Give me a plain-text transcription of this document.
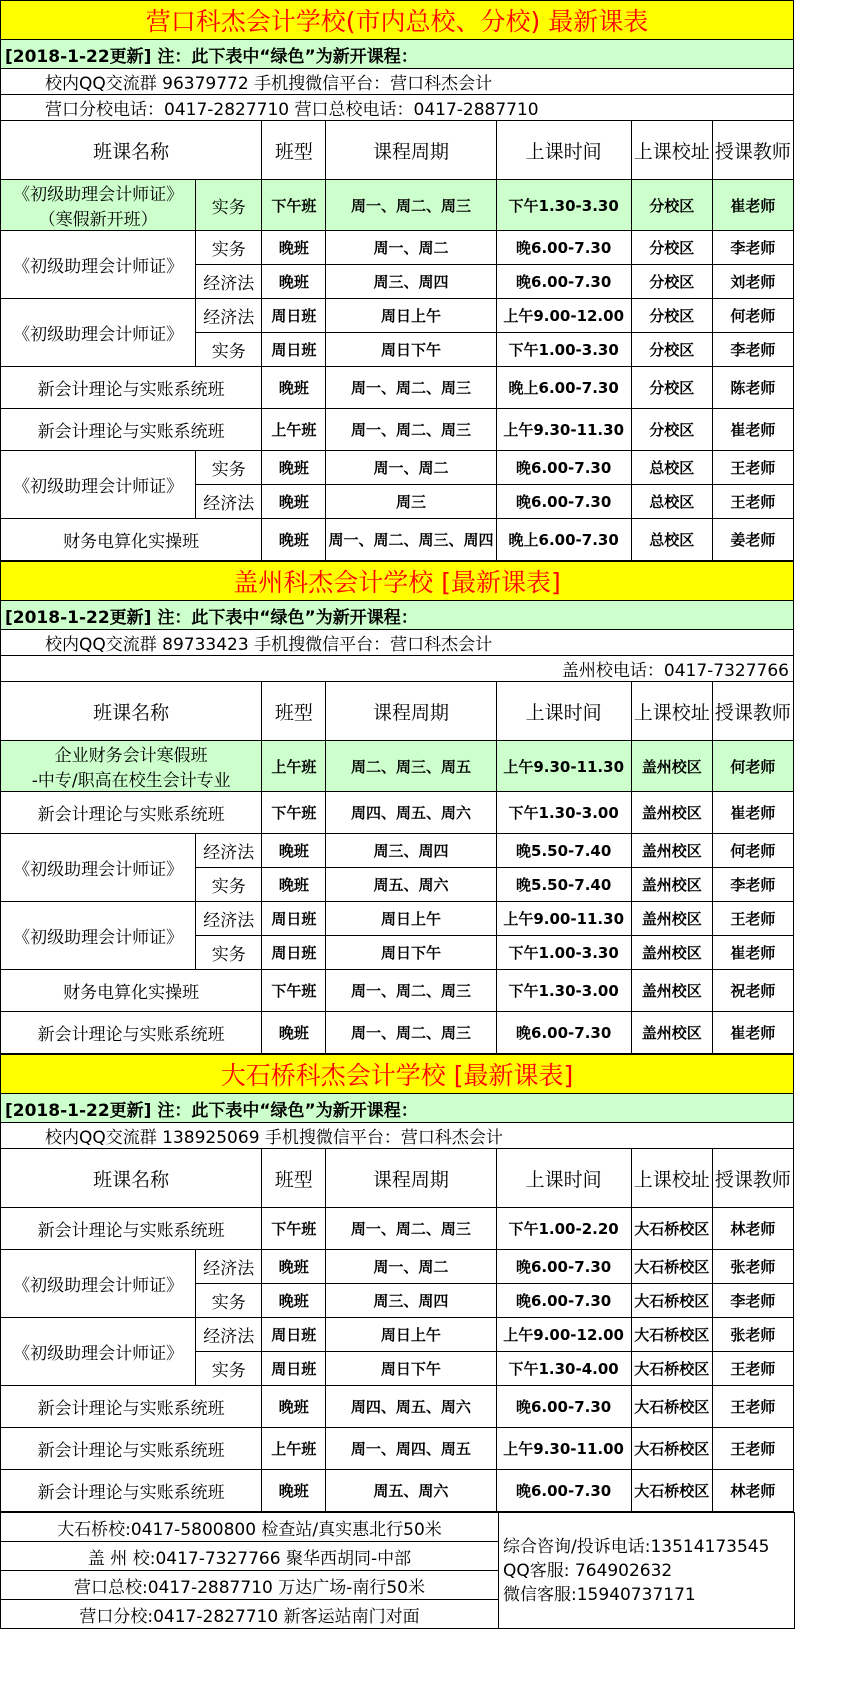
营口科杰会计学校(市内总校、分校) 最新课表						
[2018-1-22更新] 注：此下表中“绿色”为新开课程：						
校内QQ交流群 96379772 手机搜微信平台：营口科杰会计						
营口分校电话：0417-2827710 营口总校电话：0417-2887710						
班课名称		班型	课程周期	上课时间	上课校址	授课教师
《初级助理会计师证》
（寒假新开班）	实务	下午班	周一、周二、周三	下午1.30-3.30	分校区	崔老师
《初级助理会计师证》	实务	晚班	周一、周二	晚6.00-7.30	分校区	李老师
	经济法	晚班	周三、周四	晚6.00-7.30	分校区	刘老师
《初级助理会计师证》	经济法	周日班	周日上午	上午9.00-12.00	分校区	何老师
	实务	周日班	周日下午	下午1.00-3.30	分校区	李老师
新会计理论与实账系统班		晚班	周一、周二、周三	晚上6.00-7.30	分校区	陈老师
新会计理论与实账系统班		上午班	周一、周二、周三	上午9.30-11.30	分校区	崔老师
《初级助理会计师证》	实务	晚班	周一、周二	晚6.00-7.30	总校区	王老师
	经济法	晚班	周三	晚6.00-7.30	总校区	王老师
财务电算化实操班		晚班	周一、周二、周三、周四	晚上6.00-7.30	总校区	姜老师
盖州科杰会计学校 [最新课表]						
[2018-1-22更新] 注：此下表中“绿色”为新开课程：						
校内QQ交流群 89733423 手机搜微信平台：营口科杰会计						
盖州校电话：0417-7327766						
班课名称		班型	课程周期	上课时间	上课校址	授课教师
企业财务会计寒假班
-中专/职高在校生会计专业		上午班	周二、周三、周五	上午9.30-11.30	盖州校区	何老师
新会计理论与实账系统班		下午班	周四、周五、周六	下午1.30-3.00	盖州校区	崔老师
《初级助理会计师证》	经济法	晚班	周三、周四	晚5.50-7.40	盖州校区	何老师
	实务	晚班	周五、周六	晚5.50-7.40	盖州校区	李老师
《初级助理会计师证》	经济法	周日班	周日上午	上午9.00-11.30	盖州校区	王老师
	实务	周日班	周日下午	下午1.00-3.30	盖州校区	崔老师
财务电算化实操班		下午班	周一、周二、周三	下午1.30-3.00	盖州校区	祝老师
新会计理论与实账系统班		晚班	周一、周二、周三	晚6.00-7.30	盖州校区	崔老师
大石桥科杰会计学校 [最新课表]						
[2018-1-22更新] 注：此下表中“绿色”为新开课程：						
校内QQ交流群 138925069 手机搜微信平台：营口科杰会计						
班课名称		班型	课程周期	上课时间	上课校址	授课教师
新会计理论与实账系统班		下午班	周一、周二、周三	下午1.00-2.20	大石桥校区	林老师
《初级助理会计师证》	经济法	晚班	周一、周二	晚6.00-7.30	大石桥校区	张老师
	实务	晚班	周三、周四	晚6.00-7.30	大石桥校区	李老师
《初级助理会计师证》	经济法	周日班	周日上午	上午9.00-12.00	大石桥校区	张老师
	实务	周日班	周日下午	下午1.30-4.00	大石桥校区	王老师
新会计理论与实账系统班		晚班	周四、周五、周六	晚6.00-7.30	大石桥校区	王老师
新会计理论与实账系统班		上午班	周一、周四、周五	上午9.30-11.00	大石桥校区	王老师
新会计理论与实账系统班		晚班	周五、周六	晚6.00-7.30	大石桥校区	林老师
大石桥校:0417-5800800 检查站/真实惠北行50米	
综合咨询/投诉电话:13514173545
QQ客服: 764902632
微信客服:15940737171

盖 州 校:0417-7327766 聚华西胡同-中部
营口总校:0417-2887710 万达广场-南行50米
营口分校:0417-2827710 新客运站南门对面
